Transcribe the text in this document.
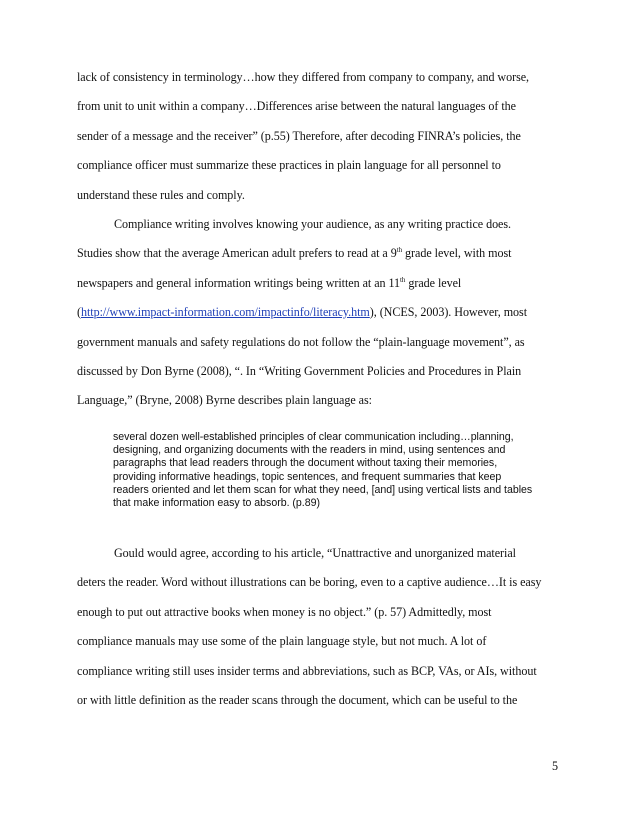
lack of consistency in terminology…how they differed from company to company, and worse,
from unit to unit within a company…Differences arise between the natural languages of the
sender of a message and the receiver” (p.55) Therefore, after decoding FINRA’s policies, the
compliance officer must summarize these practices in plain language for all personnel to
understand these rules and comply.
Compliance writing involves knowing your audience, as any writing practice does.
Studies show that the average American adult prefers to read at a 9th grade level, with most
newspapers and general information writings being written at an 11th grade level
(http://www.impact-information.com/impactinfo/literacy.htm), (NCES, 2003). However, most
government manuals and safety regulations do not follow the “plain-language movement”, as
discussed by Don Byrne (2008), “. In “Writing Government Policies and Procedures in Plain
Language,” (Bryne, 2008) Byrne describes plain language as:
several dozen well-established principles of clear communication including…planning,
designing, and organizing documents with the readers in mind, using sentences and
paragraphs that lead readers through the document without taxing their memories,
providing informative headings, topic sentences, and frequent summaries that keep
readers oriented and let them scan for what they need, [and] using vertical lists and tables
that make information easy to absorb. (p.89)
Gould would agree, according to his article, “Unattractive and unorganized material
deters the reader. Word without illustrations can be boring, even to a captive audience…It is easy
enough to put out attractive books when money is no object.” (p. 57) Admittedly, most
compliance manuals may use some of the plain language style, but not much. A lot of
compliance writing still uses insider terms and abbreviations, such as BCP, VAs, or AIs, without
or with little definition as the reader scans through the document, which can be useful to the
5
